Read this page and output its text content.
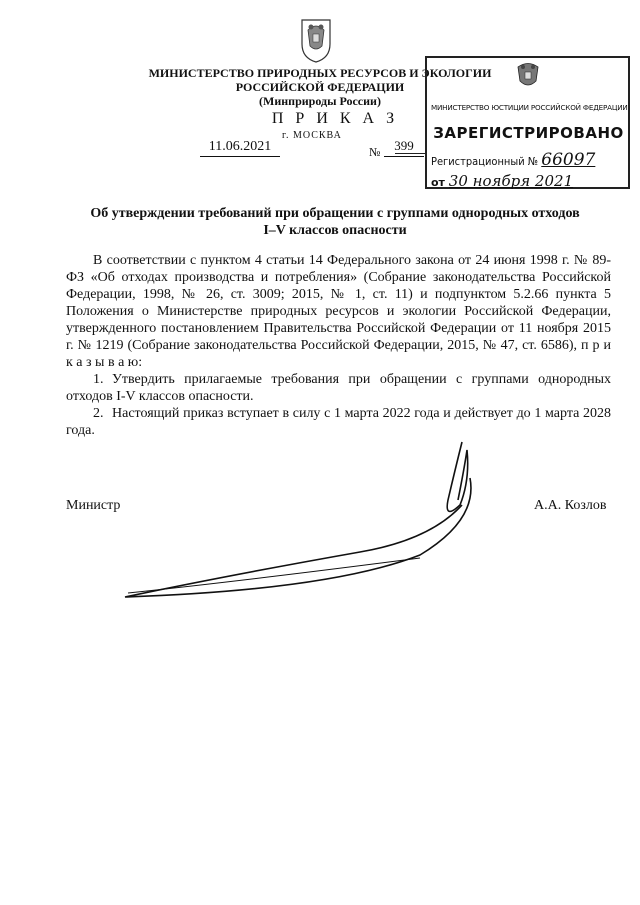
МИНИСТЕРСТВО ПРИРОДНЫХ РЕСУРСОВ И ЭКОЛОГИИ
РОССИЙСКОЙ ФЕДЕРАЦИИ
(Минприроды России)
П Р И К А З
г. МОСКВА
11.06.2021	№	399
МИНИСТЕРСТВО ЮСТИЦИИ РОССИЙСКОЙ ФЕДЕРАЦИИ
ЗАРЕГИСТРИРОВАНО
Регистрационный № 66097
от 30 ноября 2021
Об утверждении требований при обращении с группами однородных отходов
I–V классов опасности

В соответствии с пунктом 4 статьи 14 Федерального закона от 24 июня 1998 г. № 89-ФЗ «Об отходах производства и потребления» (Собрание законодательства Российской Федерации, 1998, № 26, ст. 3009; 2015, № 1, ст. 11) и подпунктом 5.2.66 пункта 5 Положения о Министерстве природных ресурсов и экологии Российской Федерации, утвержденного постановлением Правительства Российской Федерации от 11 ноября 2015 г. № 1219 (Собрание законодательства Российской Федерации, 2015, № 47, ст. 6586), п р и к а з ы в а ю:

1. Утвердить прилагаемые требования при обращении с группами однородных отходов I-V классов опасности.

2. Настоящий приказ вступает в силу с 1 марта 2022 года и действует до 1 марта 2028 года.

Министр	А.А. Козлов
